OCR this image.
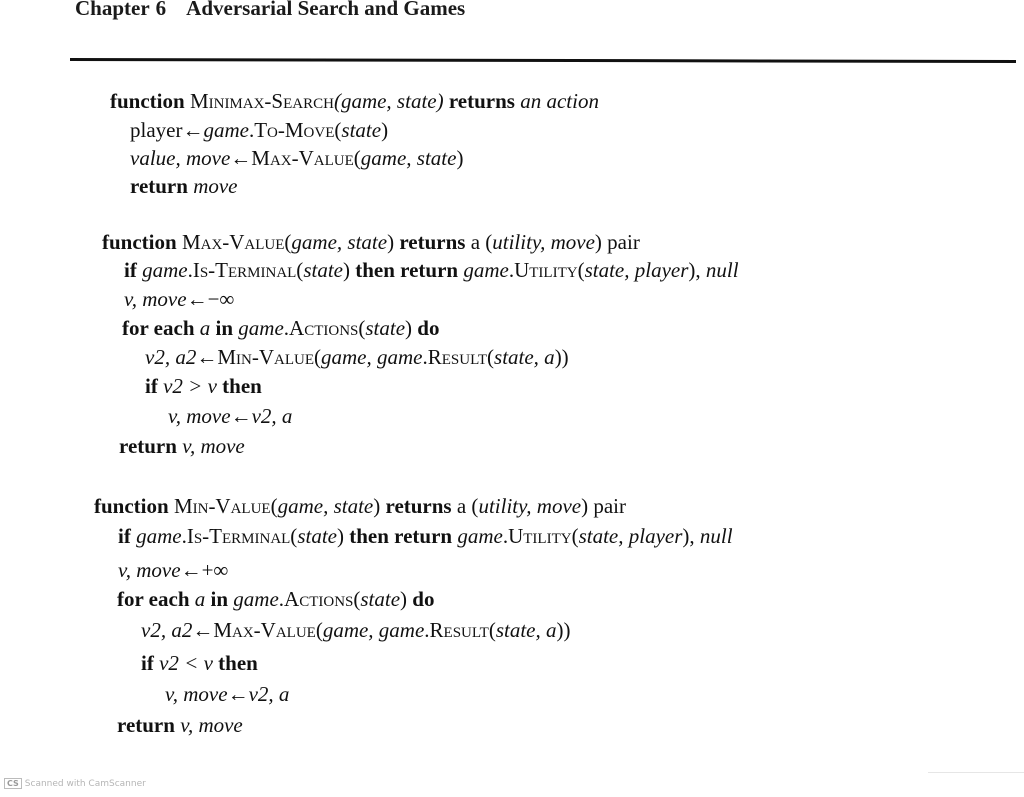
Chapter 6 Adversarial Search and Games
function Minimax-Search(game, state) returns an action
player←game.To-Move(state)
value, move←Max-Value(game, state)
return move
function Max-Value(game, state) returns a (utility, move) pair
if game.Is-Terminal(state) then return game.Utility(state, player), null
v, move←−∞
for each a in game.Actions(state) do
v2, a2←Min-Value(game, game.Result(state, a))
if v2 > v then
v, move←v2, a
return v, move
function Min-Value(game, state) returns a (utility, move) pair
if game.Is-Terminal(state) then return game.Utility(state, player), null
v, move←+∞
for each a in game.Actions(state) do
v2, a2←Max-Value(game, game.Result(state, a))
if v2 < v then
v, move←v2, a
return v, move
CS Scanned with CamScanner
